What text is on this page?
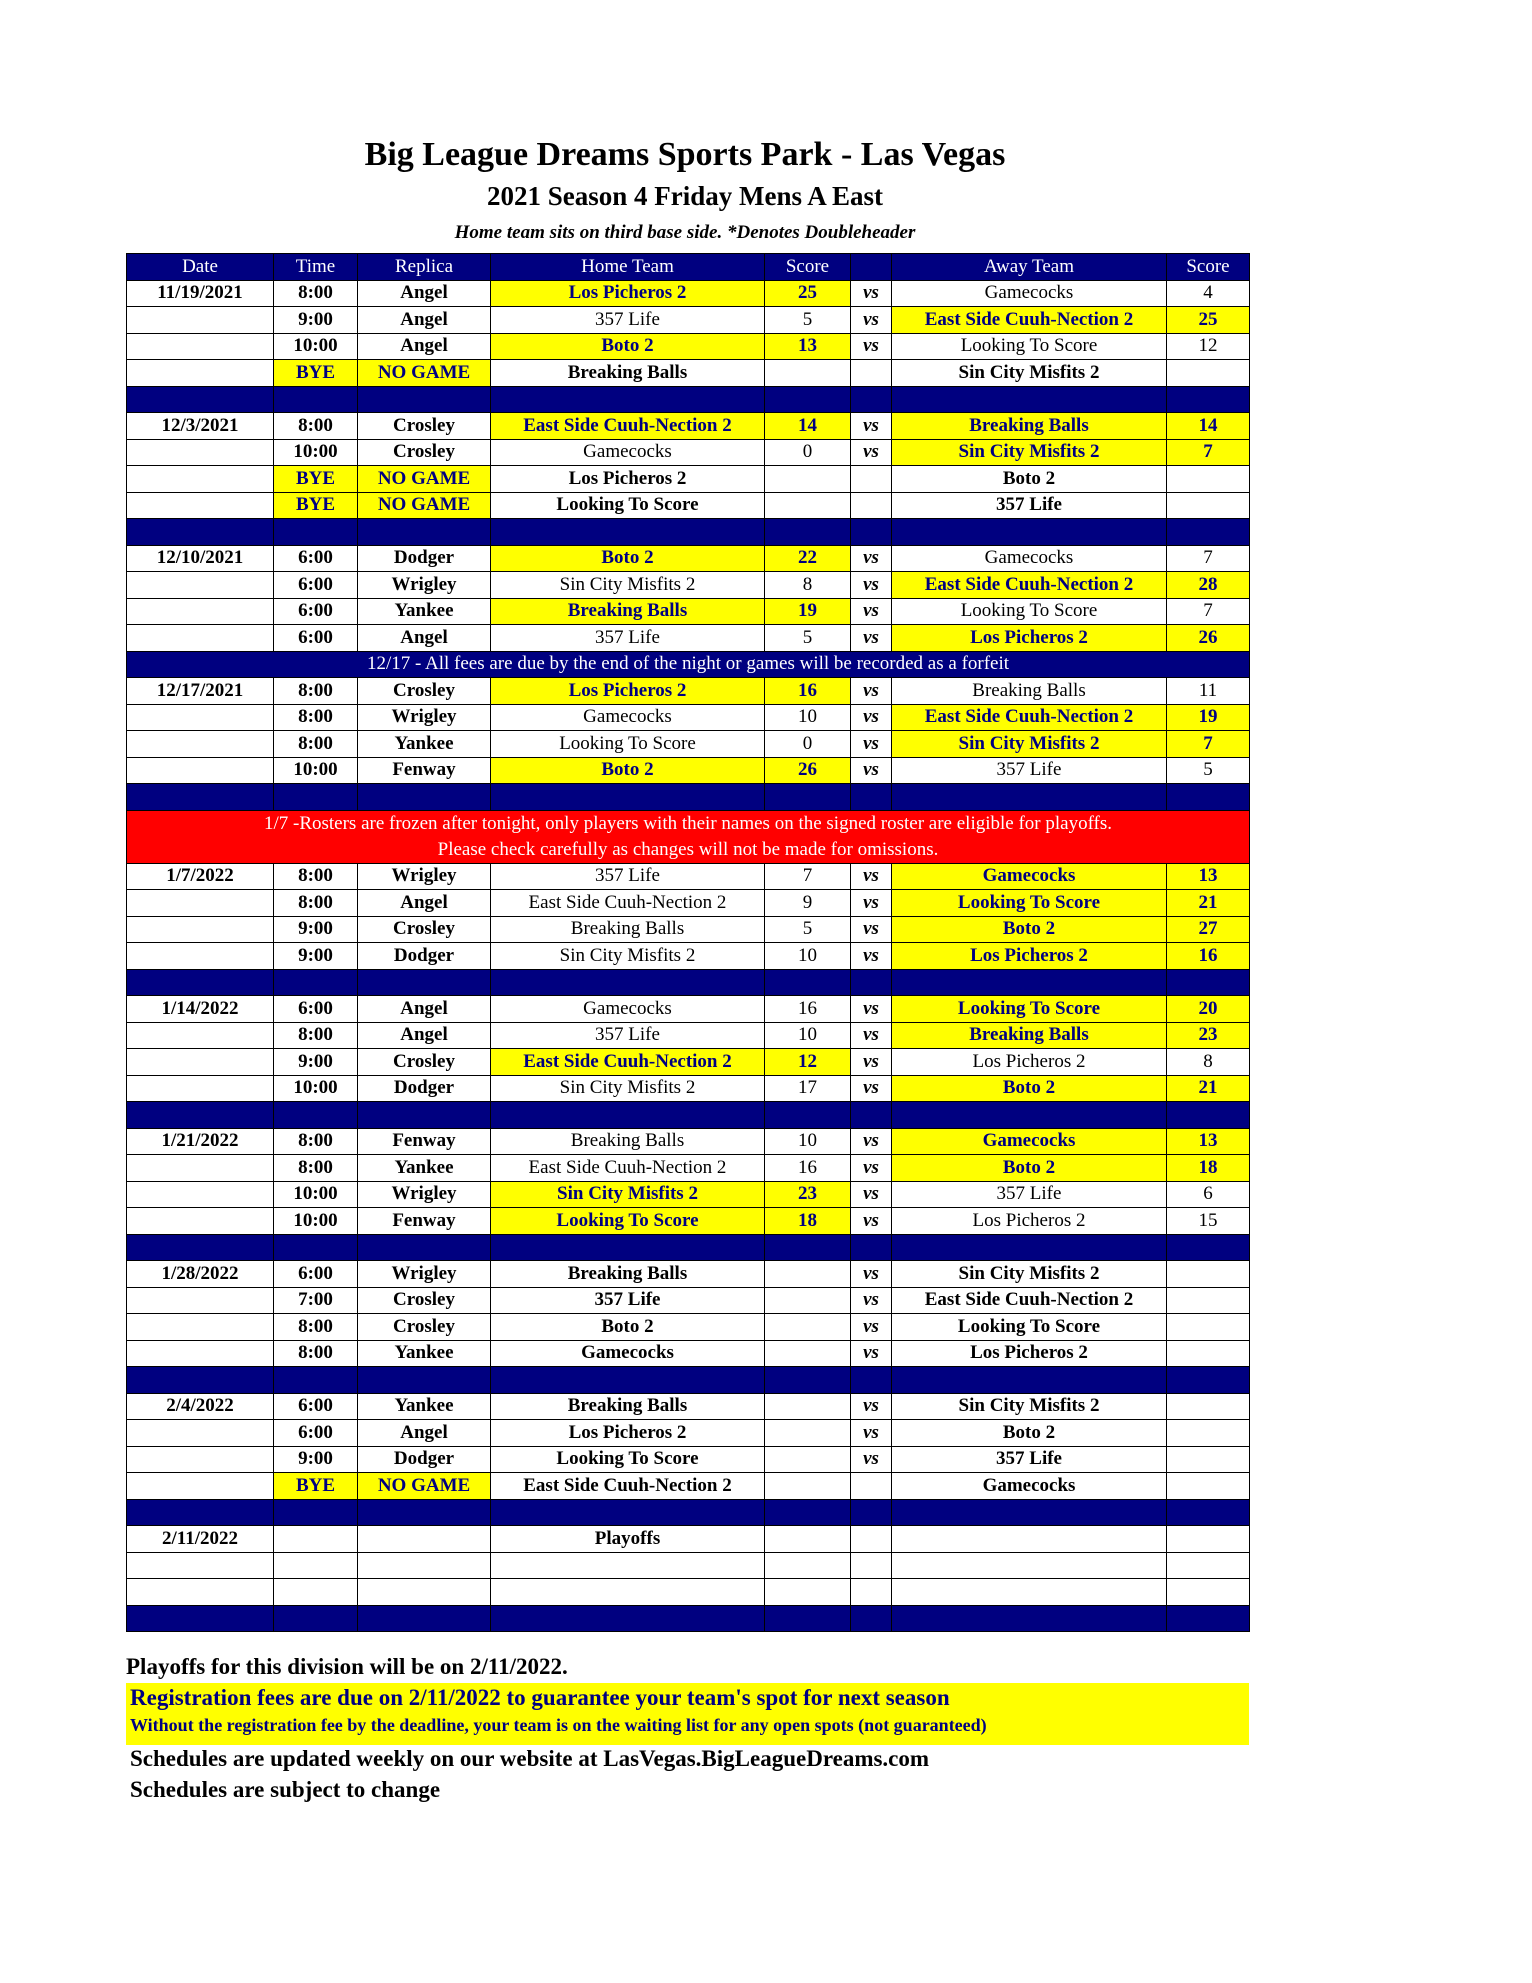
Big League Dreams Sports Park - Las Vegas
2021 Season 4 Friday Mens A East
Home team sits on third base side. *Denotes Doubleheader
Date	Time	Replica	Home Team	Score		Away Team	Score
11/19/2021	8:00	Angel	Los Picheros 2	25	vs	Gamecocks	4
	9:00	Angel	357 Life	5	vs	East Side Cuuh-Nection 2	25
	10:00	Angel	Boto 2	13	vs	Looking To Score	12
	BYE	NO GAME	Breaking Balls			Sin City Misfits 2	

12/3/2021	8:00	Crosley	East Side Cuuh-Nection 2	14	vs	Breaking Balls	14
	10:00	Crosley	Gamecocks	0	vs	Sin City Misfits 2	7
	BYE	NO GAME	Los Picheros 2			Boto 2	
	BYE	NO GAME	Looking To Score			357 Life	

12/10/2021	6:00	Dodger	Boto 2	22	vs	Gamecocks	7
	6:00	Wrigley	Sin City Misfits 2	8	vs	East Side Cuuh-Nection 2	28
	6:00	Yankee	Breaking Balls	19	vs	Looking To Score	7
	6:00	Angel	357 Life	5	vs	Los Picheros 2	26
12/17 - All fees are due by the end of the night or games will be recorded as a forfeit							
12/17/2021	8:00	Crosley	Los Picheros 2	16	vs	Breaking Balls	11
	8:00	Wrigley	Gamecocks	10	vs	East Side Cuuh-Nection 2	19
	8:00	Yankee	Looking To Score	0	vs	Sin City Misfits 2	7
	10:00	Fenway	Boto 2	26	vs	357 Life	5

1/7 -Rosters are frozen after tonight, only players with their names on the signed roster are eligible for playoffs.
Please check carefully as changes will not be made for omissions.							

1/7/2022	8:00	Wrigley	357 Life	7	vs	Gamecocks	13
	8:00	Angel	East Side Cuuh-Nection 2	9	vs	Looking To Score	21
	9:00	Crosley	Breaking Balls	5	vs	Boto 2	27
	9:00	Dodger	Sin City Misfits 2	10	vs	Los Picheros 2	16

1/14/2022	6:00	Angel	Gamecocks	16	vs	Looking To Score	20
	8:00	Angel	357 Life	10	vs	Breaking Balls	23
	9:00	Crosley	East Side Cuuh-Nection 2	12	vs	Los Picheros 2	8
	10:00	Dodger	Sin City Misfits 2	17	vs	Boto 2	21

1/21/2022	8:00	Fenway	Breaking Balls	10	vs	Gamecocks	13
	8:00	Yankee	East Side Cuuh-Nection 2	16	vs	Boto 2	18
	10:00	Wrigley	Sin City Misfits 2	23	vs	357 Life	6
	10:00	Fenway	Looking To Score	18	vs	Los Picheros 2	15

1/28/2022	6:00	Wrigley	Breaking Balls		vs	Sin City Misfits 2	
	7:00	Crosley	357 Life		vs	East Side Cuuh-Nection 2	
	8:00	Crosley	Boto 2		vs	Looking To Score	
	8:00	Yankee	Gamecocks		vs	Los Picheros 2	

2/4/2022	6:00	Yankee	Breaking Balls		vs	Sin City Misfits 2	
	6:00	Angel	Los Picheros 2		vs	Boto 2	
	9:00	Dodger	Looking To Score		vs	357 Life	
	BYE	NO GAME	East Side Cuuh-Nection 2			Gamecocks	

2/11/2022			Playoffs				

Playoffs for this division will be on 2/11/2022.
Registration fees are due on 2/11/2022 to guarantee your team's spot for next season
Without the registration fee by the deadline, your team is on the waiting list for any open spots (not guaranteed)
Schedules are updated weekly on our website at LasVegas.BigLeagueDreams.com
Schedules are subject to change
